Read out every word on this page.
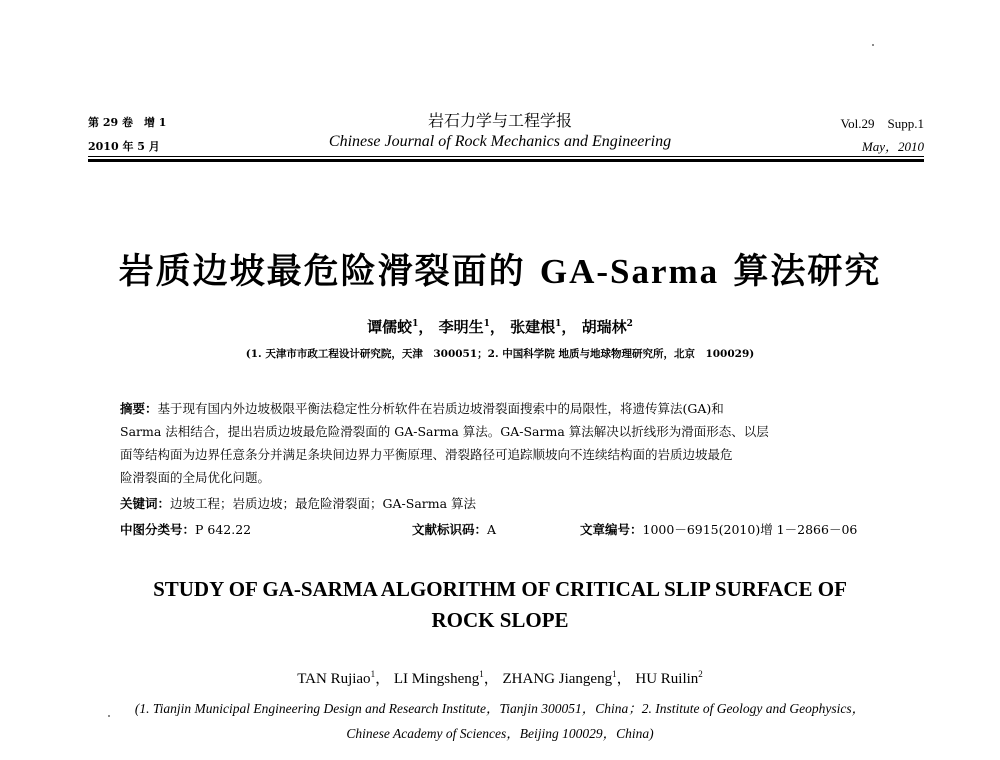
第 29 卷　增 1
2010 年 5 月
岩石力学与工程学报
Chinese Journal of Rock Mechanics and Engineering
Vol.29　Supp.1
May，2010
岩质边坡最危险滑裂面的 GA-Sarma 算法研究
谭儒蛟$^1$， 李明生$^1$， 张建根$^1$， 胡瑞林$^2$
(1. 天津市市政工程设计研究院，天津　300051；2. 中国科学院 地质与地球物理研究所，北京　100029)
摘要：基于现有国内外边坡极限平衡法稳定性分析软件在岩质边坡滑裂面搜索中的局限性，将遗传算法(GA)和
Sarma 法相结合，提出岩质边坡最危险滑裂面的 GA-Sarma 算法。GA-Sarma 算法解决以折线形为滑面形态、以层
面等结构面为边界任意条分并满足条块间边界力平衡原理、滑裂路径可追踪顺坡向不连续结构面的岩质边坡最危
险滑裂面的全局优化问题。
关键词：边坡工程；岩质边坡；最危险滑裂面；GA-Sarma 算法
中图分类号：P 642.22	文献标识码：A	文章编号：1000－6915(2010)增 1－2866－06
STUDY OF GA-SARMA ALGORITHM OF CRITICAL SLIP SURFACE OF
ROCK SLOPE
TAN Rujiao$^1$， LI Mingsheng$^1$， ZHANG Jiangeng$^1$， HU Ruilin$^2$
(1. Tianjin Municipal Engineering Design and Research Institute，Tianjin 300051，China；2. Institute of Geology and Geophysics，
Chinese Academy of Sciences，Beijing 100029，China)
